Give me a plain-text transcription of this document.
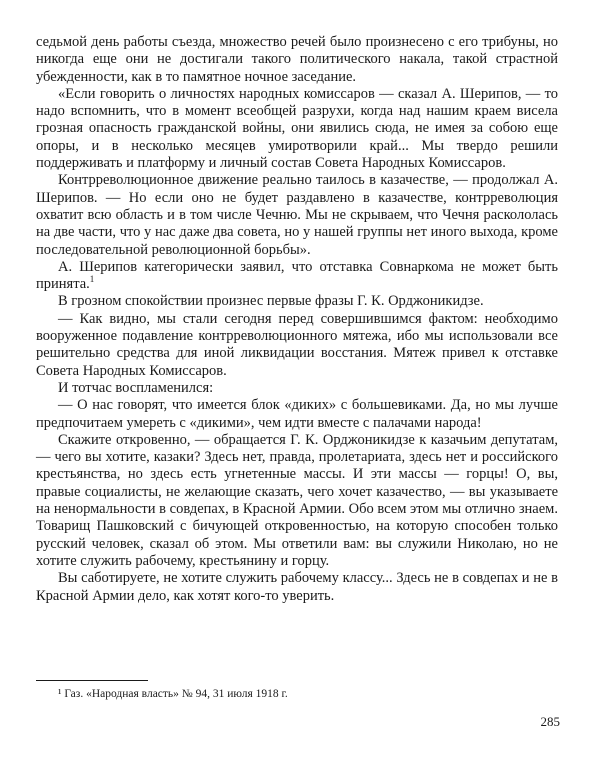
седьмой день работы съезда, множество речей было произнесено с его трибуны, но никогда еще они не достигали такого политического накала, такой страстной убежденности, как в то памятное ночное заседание.

«Если говорить о личностях народных комиссаров — сказал А. Шерипов, — то надо вспомнить, что в момент всеобщей разрухи, когда над нашим краем висела грозная опасность гражданской войны, они явились сюда, не имея за собою еще опоры, и в несколько месяцев умиротворили край... Мы твердо решили поддерживать и платформу и личный состав Совета Народных Комиссаров.

Контрреволюционное движение реально таилось в казачестве, — продолжал А. Шерипов. — Но если оно не будет раздавлено в казачестве, контрреволюция охватит всю область и в том числе Чечню. Мы не скрываем, что Чечня раскололась на две части, что у нас даже два совета, но у нашей группы нет иного выхода, кроме последовательной революционной борьбы».

А. Шерипов категорически заявил, что отставка Совнаркома не может быть принята.$^1$

В грозном спокойствии произнес первые фразы Г. К. Орджоникидзе.

— Как видно, мы стали сегодня перед совершившимся фактом: необходимо вооруженное подавление контрреволюционного мятежа, ибо мы использовали все решительно средства для иной ликвидации восстания. Мятеж привел к отставке Совета Народных Комиссаров.

И тотчас воспламенился:

— О нас говорят, что имеется блок «диких» с большевиками. Да, но мы лучше предпочитаем умереть с «дикими», чем идти вместе с палачами народа!

Скажите откровенно, — обращается Г. К. Орджоникидзе к казачьим депутатам, — чего вы хотите, казаки? Здесь нет, правда, пролетариата, здесь нет и российского крестьянства, но здесь есть угнетенные массы. И эти массы — горцы! О, вы, правые социалисты, не желающие сказать, чего хочет казачество, — вы указываете на ненормальности в совдепах, в Красной Армии. Обо всем этом мы отлично знаем. Товарищ Пашковский с бичующей откровенностью, на которую способен только русский человек, сказал об этом. Мы ответили вам: вы служили Николаю, но не хотите служить рабочему, крестьянину и горцу.

Вы саботируете, не хотите служить рабочему классу... Здесь не в совдепах и не в Красной Армии дело, как хотят кого-то уверить.

¹ Газ. «Народная власть» № 94, 31 июля 1918 г.
285
